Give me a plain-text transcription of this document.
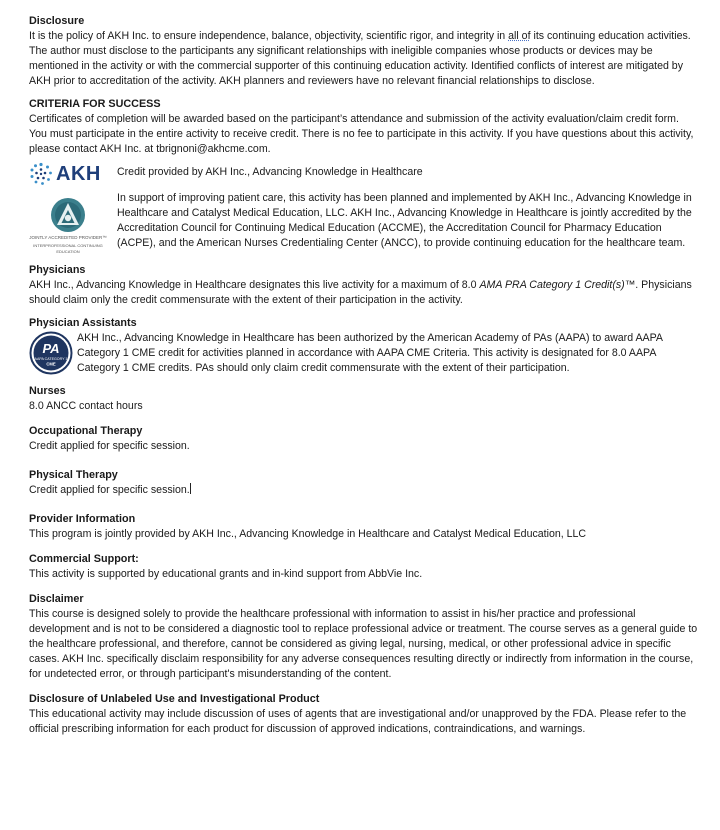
Disclosure

It is the policy of AKH Inc. to ensure independence, balance, objectivity, scientific rigor, and integrity in all of its continuing education activities. The author must disclose to the participants any significant relationships with ineligible companies whose products or devices may be mentioned in the activity or with the commercial supporter of this continuing education activity. Identified conflicts of interest are mitigated by AKH prior to accreditation of the activity. AKH planners and reviewers have no relevant financial relationships to disclose.

CRITERIA FOR SUCCESS

Certificates of completion will be awarded based on the participant’s attendance and submission of the activity evaluation/claim credit form. You must participate in the entire activity to receive credit. There is no fee to participate in this activity. If you have questions about this activity, please contact AKH Inc. at tbrignoni@akhcme.com.

AKH	Credit provided by AKH Inc., Advancing Knowledge in Healthcare

JOINTLY ACCREDITED PROVIDER™
INTERPROFESSIONAL CONTINUING EDUCATION

In support of improving patient care, this activity has been planned and implemented by AKH Inc., Advancing Knowledge in Healthcare and Catalyst Medical Education, LLC. AKH Inc., Advancing Knowledge in Healthcare is jointly accredited by the Accreditation Council for Continuing Medical Education (ACCME), the Accreditation Council for Pharmacy Education (ACPE), and the American Nurses Credentialing Center (ANCC), to provide continuing education for the healthcare team.

Physicians

AKH Inc., Advancing Knowledge in Healthcare designates this live activity for a maximum of 8.0 AMA PRA Category 1 Credit(s)™. Physicians should claim only the credit commensurate with the extent of their participation in the activity.

Physician Assistants
PA
AAPA CATEGORY 1
CME

AKH Inc., Advancing Knowledge in Healthcare has been authorized by the American Academy of PAs (AAPA) to award AAPA Category 1 CME credit for activities planned in accordance with AAPA CME Criteria. This activity is designated for 8.0 AAPA Category 1 CME credits. PAs should only claim credit commensurate with the extent of their participation.

Nurses

8.0 ANCC contact hours

Occupational Therapy

Credit applied for specific session.

Physical Therapy

Credit applied for specific session.

Provider Information

This program is jointly provided by AKH Inc., Advancing Knowledge in Healthcare and Catalyst Medical Education, LLC

Commercial Support:

This activity is supported by educational grants and in-kind support from AbbVie Inc.

Disclaimer

This course is designed solely to provide the healthcare professional with information to assist in his/her practice and professional development and is not to be considered a diagnostic tool to replace professional advice or treatment. The course serves as a general guide to the healthcare professional, and therefore, cannot be considered as giving legal, nursing, medical, or other professional advice in specific cases. AKH Inc. specifically disclaim responsibility for any adverse consequences resulting directly or indirectly from information in the course, for undetected error, or through participant's misunderstanding of the content.

Disclosure of Unlabeled Use and Investigational Product

This educational activity may include discussion of uses of agents that are investigational and/or unapproved by the FDA. Please refer to the official prescribing information for each product for discussion of approved indications, contraindications, and warnings.
